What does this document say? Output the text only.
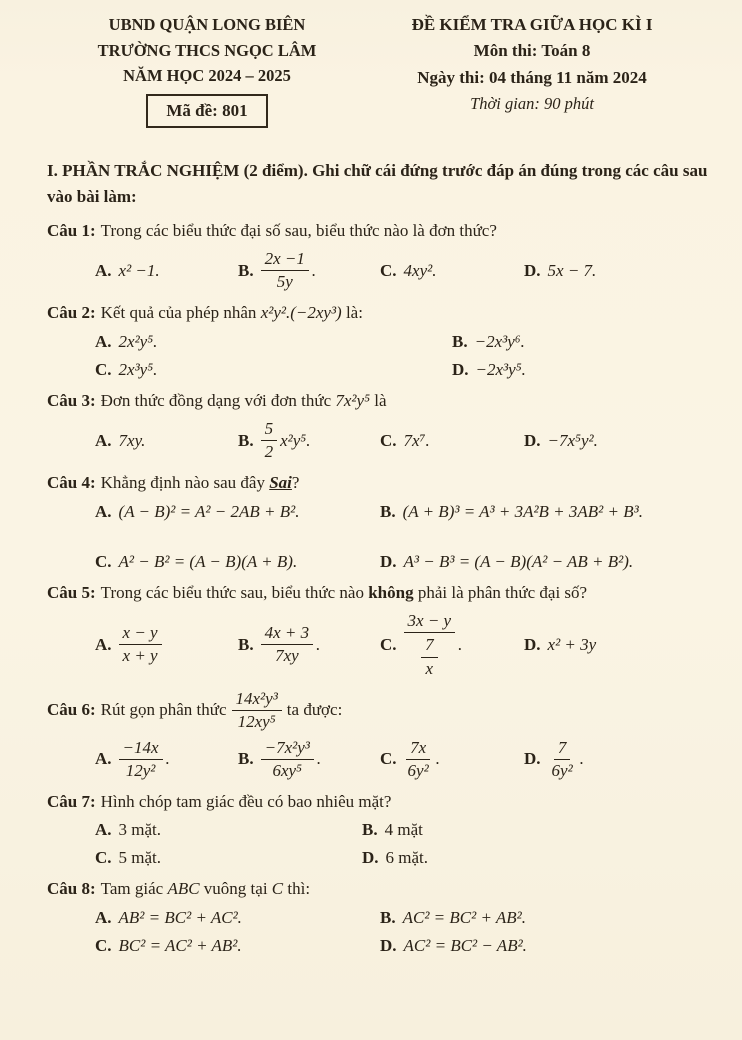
UBND QUẬN LONG BIÊN
TRƯỜNG THCS NGỌC LÂM
NĂM HỌC 2024 – 2025
Mã đề: 801
ĐỀ KIỂM TRA GIỮA HỌC KÌ I
Môn thi: Toán 8
Ngày thi: 04 tháng 11 năm 2024
Thời gian: 90 phút

I. PHẦN TRẮC NGHIỆM (2 điểm). Ghi chữ cái đứng trước đáp án đúng trong các câu sau vào bài làm:

Câu 1: Trong các biểu thức đại số sau, biểu thức nào là đơn thức?

A. x² −1.	B. $\frac{2x -1}{5y}$ .	C. 4xy².	D. 5x − 7.

Câu 2: Kết quả của phép nhân x²y².(−2xy³) là:

A. 2x²y⁵.	B. −2x³y⁶.
C. 2x³y⁵.	D. −2x³y⁵.

Câu 3: Đơn thức đồng dạng với đơn thức 7x²y⁵ là

A. 7xy.	B. $\frac{5}{2} x^2y^5$.	C. 7x⁷.	D. −7x⁵y².

Câu 4: Khẳng định nào sau đây Sai?

A. (A − B)² = A² − 2AB + B².	B. (A + B)³ = A³ + 3A²B + 3AB² + B³.
C. A² − B² = (A − B)(A + B).	D. A³ − B³ = (A − B)(A² − AB + B²).

Câu 5: Trong các biểu thức sau, biểu thức nào không phải là phân thức đại số?

A. $\frac{x - y}{x + y}$	B. $\frac{4x + 3}{7xy}$ .	C. $\frac{3x - y}{\frac{7}{x}}$ .	D. x² + 3y
Câu 6: Rút gọn phân thức $\frac{\text{14x²y³}}{\text{12xy⁵}}$ ta được:
A. $\frac{-14x}{\text{12y²}}$ .	B. $\frac{\text{−7x²y³}}{\text{6xy⁵}}$ .	C. $\frac{7x}{\text{6y²}}$ .	D. $\frac{7}{\text{6y²}}$ .

Câu 7: Hình chóp tam giác đều có bao nhiêu mặt?

A. 3 mặt.	B. 4 mặt
C. 5 mặt.	D. 6 mặt.

Câu 8: Tam giác ABC vuông tại C thì:

A. AB² = BC² + AC².	B. AC² = BC² + AB².
C. BC² = AC² + AB².	D. AC² = BC² − AB².
